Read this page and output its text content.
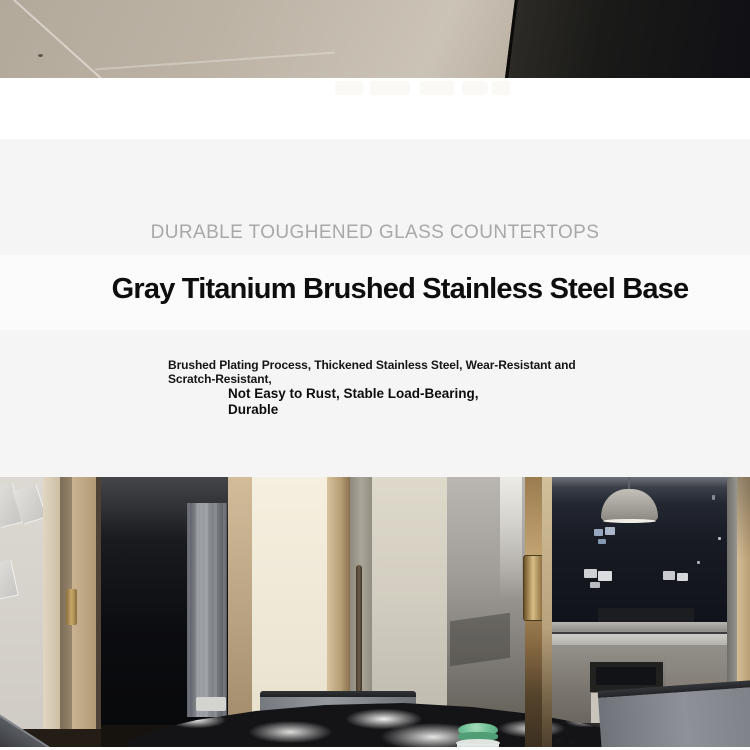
DURABLE TOUGHENED GLASS COUNTERTOPS
Gray Titanium Brushed Stainless Steel Base
Brushed Plating Process, Thickened Stainless Steel, Wear-Resistant and
Scratch-Resistant,
Not Easy to Rust, Stable Load-Bearing,
Durable
